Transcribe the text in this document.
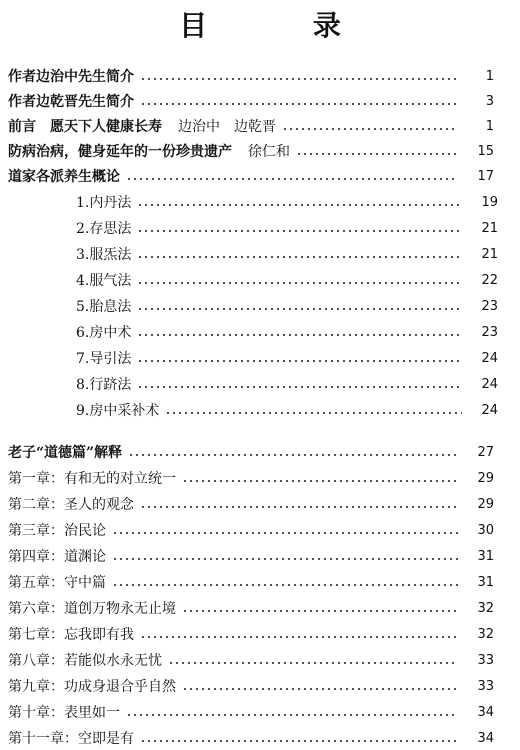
目 录
作者边治中先生简介	1
作者边乾晋先生简介	3
前言　愿天下人健康长寿	边治中　边乾晋	1
防病治病，健身延年的一份珍贵遗产	徐仁和	15
道家各派养生概论	17
1.内丹法	19
2.存思法	21
3.服炁法	21
4.服气法	22
5.胎息法	23
6.房中术	23
7.导引法	24
8.行跻法	24
9.房中采补术	24
老子“道德篇”解释	27
第一章：有和无的对立统一	29
第二章：圣人的观念	29
第三章：治民论	30
第四章：道渊论	31
第五章：守中篇	31
第六章：道创万物永无止境	32
第七章：忘我即有我	32
第八章：若能似水永无忧	33
第九章：功成身退合乎自然	33
第十章：表里如一	34
第十一章：空即是有	34
